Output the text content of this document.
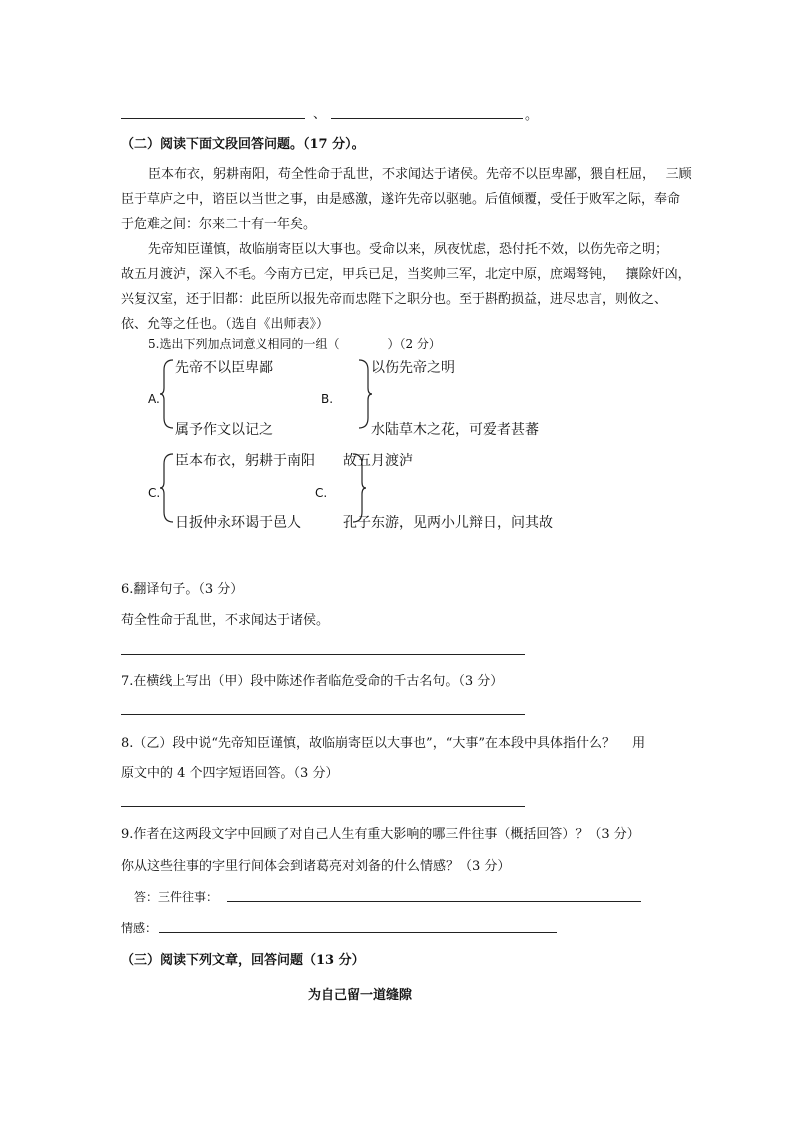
、	。
（二）阅读下面文段回答问题。（17 分）。
臣本布衣，躬耕南阳，苟全性命于乱世，不求闻达于诸侯。先帝不以臣卑鄙，猥自枉屈，　 三顾
臣于草庐之中，谘臣以当世之事，由是感激，遂许先帝以驱驰。后值倾覆，受任于败军之际，奉命
于危难之间：尔来二十有一年矣。
先帝知臣谨慎，故临崩寄臣以大事也。受命以来，夙夜忧虑，恐付托不效，以伤先帝之明；
故五月渡泸，深入不毛。今南方已定，甲兵已足，当奖帅三军，北定中原，庶竭驽钝，　 攘除奸凶，
兴复汉室，还于旧都：此臣所以报先帝而忠陛下之职分也。至于斟酌损益，进尽忠言，则攸之、
依、允等之任也。（选自《出师表》）
5.选出下列加点词意义相同的一组（　　　　）（2 分）
A.
先帝不以臣卑鄙
属予作文以记之
B.
以伤先帝之明
水陆草木之花，可爱者甚蕃
C.
臣本布衣，躬耕于南阳
日扳仲永环谒于邑人
C.
故五月渡泸
孔子东游，见两小儿辩日，问其故
6.翻译句子。（3 分）
苟全性命于乱世，不求闻达于诸侯。
7.在横线上写出（甲）段中陈述作者临危受命的千古名句。（3 分）
8.（乙）段中说“先帝知臣谨慎，故临崩寄臣以大事也”，“大事”在本段中具体指什么？　 用
原文中的 4 个四字短语回答。（3 分）
9.作者在这两段文字中回顾了对自己人生有重大影响的哪三件往事（概括回答）？（3 分）
你从这些往事的字里行间体会到诸葛亮对刘备的什么情感？（3 分）
答：三件往事：
情感：
（三）阅读下列文章，回答问题（13 分）
为自己留一道缝隙
